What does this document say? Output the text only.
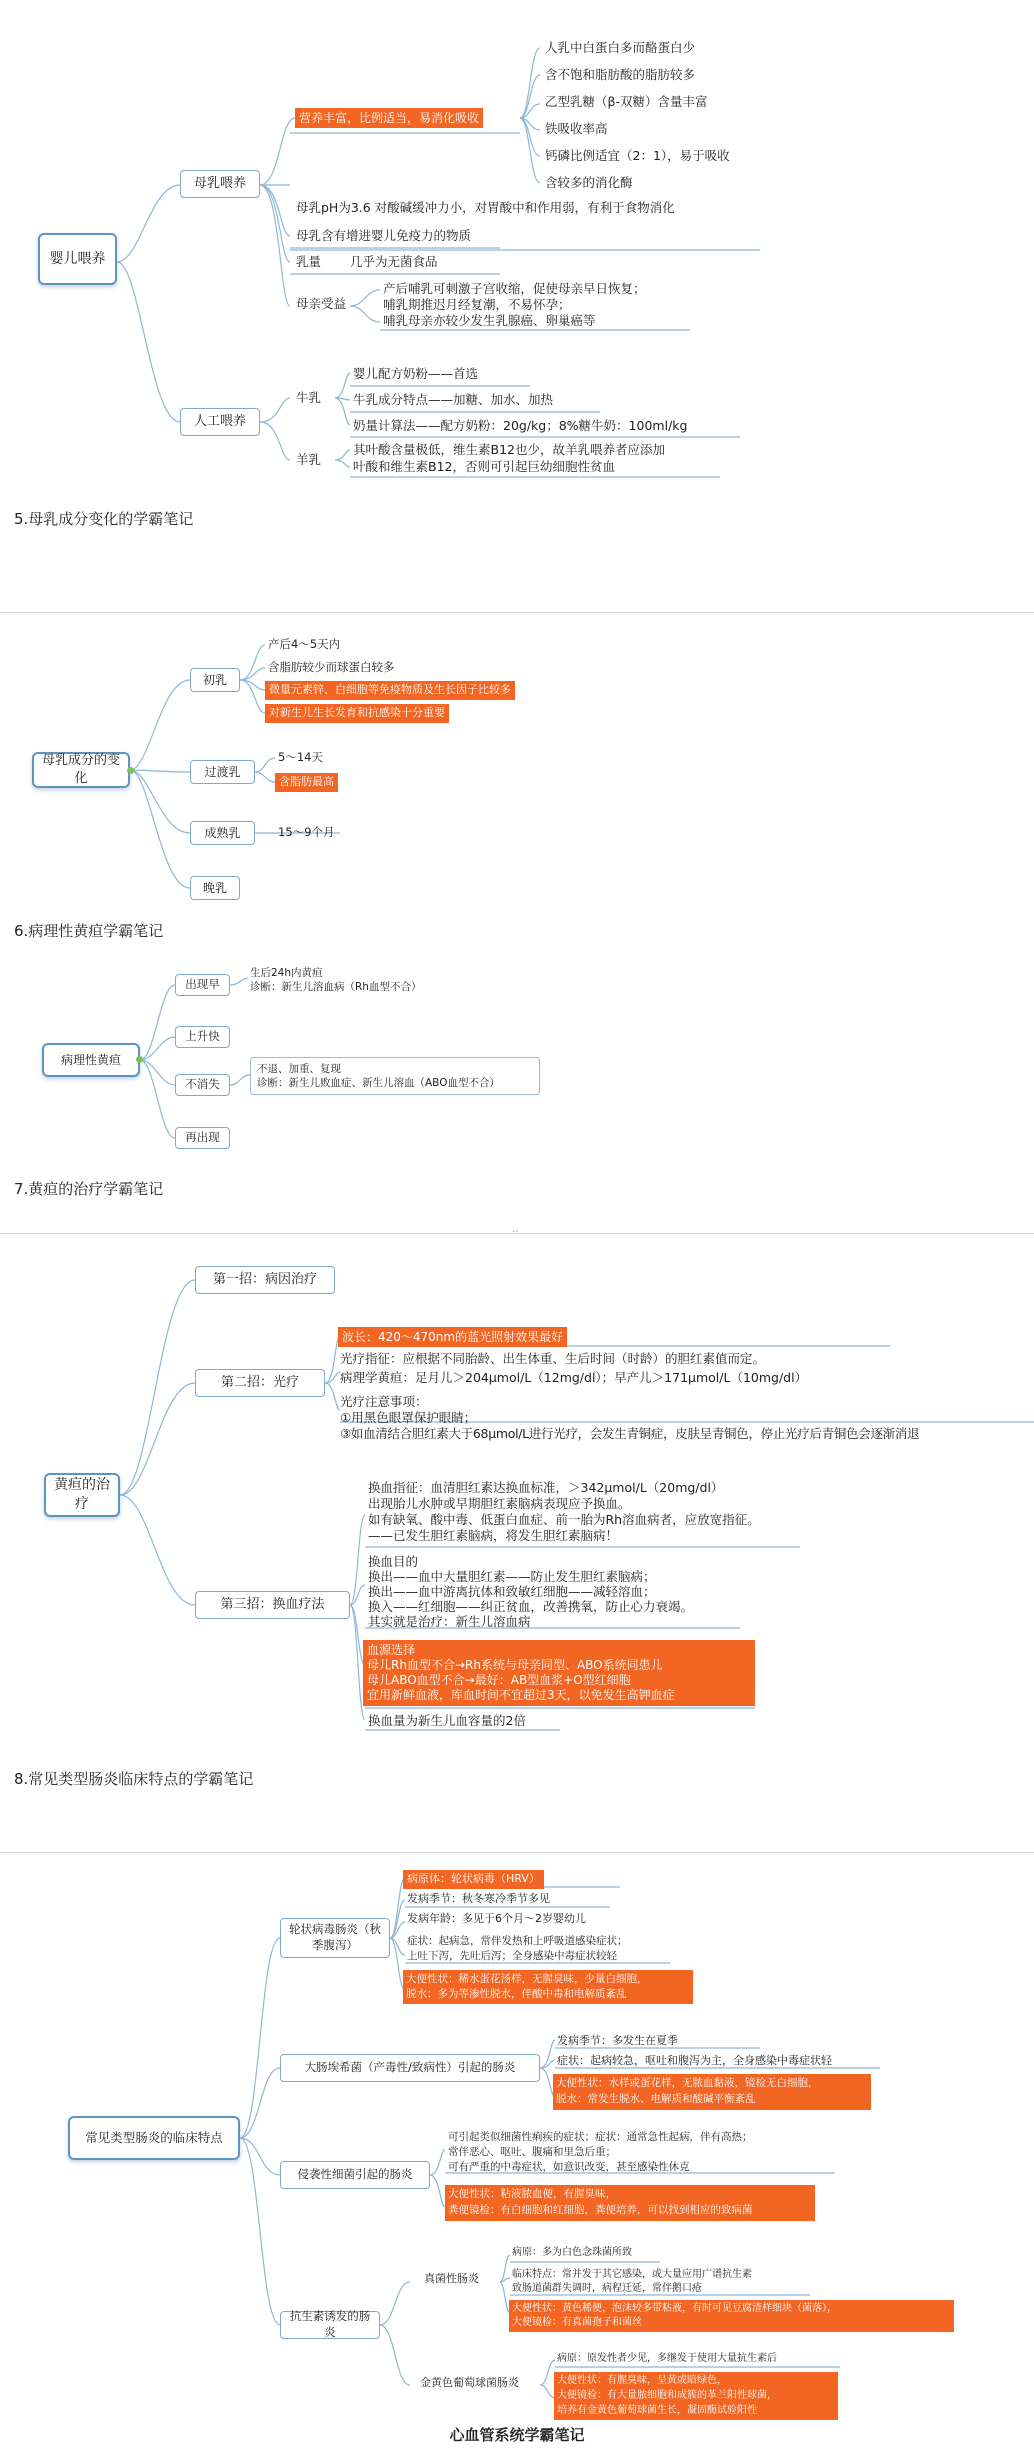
婴儿喂养
母乳喂养
人工喂养
营养丰富，比例适当，易消化吸收
人乳中白蛋白多而酪蛋白少
含不饱和脂肪酸的脂肪较多
乙型乳糖（β-双糖）含量丰富
铁吸收率高
钙磷比例适宜（2：1），易于吸收
含较多的消化酶
母乳pH为3.6 对酸碱缓冲力小，对胃酸中和作用弱，有利于食物消化
母乳含有增进婴儿免疫力的物质
乳量 几乎为无菌食品
母亲受益
产后哺乳可刺激子宫收缩，促使母亲早日恢复；
哺乳期推迟月经复潮，不易怀孕；
哺乳母亲亦较少发生乳腺癌、卵巢癌等
牛乳
婴儿配方奶粉——首选
牛乳成分特点——加糖、加水、加热
奶量计算法——配方奶粉：20g/kg；8%糖牛奶：100ml/kg
羊乳
其叶酸含量极低，维生素B12也少，故羊乳喂养者应添加
叶酸和维生素B12，否则可引起巨幼细胞性贫血
5.母乳成分变化的学霸笔记
母乳成分的变化
初乳
产后4～5天内
含脂肪较少而球蛋白较多
微量元素锌、白细胞等免疫物质及生长因子比较多
对新生儿生长发育和抗感染十分重要
过渡乳
5～14天
含脂肪最高
成熟乳	15～9个月
晚乳
6.病理性黄疸学霸笔记
病理性黄疸
出现早
生后24h内黄疸
诊断：新生儿溶血病（Rh血型不合）
上升快
不消失
不退、加重、复现
诊断：新生儿败血症、新生儿溶血（ABO血型不合）
再出现
7.黄疸的治疗学霸笔记
‥
黄疸的治疗
第一招：病因治疗
第二招：光疗
第三招：换血疗法
波长：420～470nm的蓝光照射效果最好
光疗指征：应根据不同胎龄、出生体重、生后时间（时龄）的胆红素值而定。
病理学黄疸：足月儿＞204μmol/L（12mg/dl）；早产儿＞171μmol/L（10mg/dl）
光疗注意事项：
①用黑色眼罩保护眼睛；
③如血清结合胆红素大于68μmol/L进行光疗，会发生青铜症，皮肤呈青铜色，停止光疗后青铜色会逐渐消退
换血指征：血清胆红素达换血标准，＞342μmol/L（20mg/dl）
出现胎儿水肿或早期胆红素脑病表现应予换血。
如有缺氧、酸中毒、低蛋白血症、前一胎为Rh溶血病者，应放宽指征。
——已发生胆红素脑病，将发生胆红素脑病！
换血目的
换出——血中大量胆红素——防止发生胆红素脑病；
换出——血中游离抗体和致敏红细胞——减轻溶血；
换入——红细胞——纠正贫血，改善携氧，防止心力衰竭。
其实就是治疗：新生儿溶血病
血源选择
母儿Rh血型不合→Rh系统与母亲同型、ABO系统同患儿
母儿ABO血型不合→最好：AB型血浆+O型红细胞
宜用新鲜血液，库血时间不宜超过3天，以免发生高钾血症
换血量为新生儿血容量的2倍
8.常见类型肠炎临床特点的学霸笔记
常见类型肠炎的临床特点
轮状病毒肠炎（秋季腹泻）
病原体：轮状病毒（HRV）
发病季节：秋冬寒冷季节多见
发病年龄：多见于6个月～2岁婴幼儿
症状：起病急，常伴发热和上呼吸道感染症状；
上吐下泻，先吐后泻；全身感染中毒症状较轻
大便性状：稀水蛋花汤样，无腥臭味，少量白细胞，
脱水：多为等渗性脱水，伴酸中毒和电解质紊乱
大肠埃希菌（产毒性/致病性）引起的肠炎
发病季节：多发生在夏季
症状：起病较急，呕吐和腹泻为主，全身感染中毒症状轻
大便性状：水样或蛋花样，无脓血黏液，镜检无白细胞，
脱水：常发生脱水、电解质和酸碱平衡紊乱
侵袭性细菌引起的肠炎
可引起类似细菌性痢疾的症状；症状：通常急性起病，伴有高热；
常伴恶心、呕吐、腹痛和里急后重；
可有严重的中毒症状，如意识改变，甚至感染性休克
大便性状：粘液脓血便，有腥臭味，
粪便镜检：有白细胞和红细胞，粪便培养，可以找到相应的致病菌
抗生素诱发的肠炎
真菌性肠炎
病原：多为白色念珠菌所致
临床特点：常并发于其它感染，或大量应用广谱抗生素
致肠道菌群失调时，病程迁延，常伴鹅口疮
大便性状：黄色稀便，泡沫较多带粘液，有时可见豆腐渣样细块（菌落），
大便镜检：有真菌孢子和菌丝
金黄色葡萄球菌肠炎
病原：原发性者少见，多继发于使用大量抗生素后
大便性状：有腥臭味，呈黄或暗绿色，
大便镜检：有大量脓细胞和成簇的革兰阳性球菌，
培养有金黄色葡萄球菌生长，凝固酶试验阳性
心血管系统学霸笔记
